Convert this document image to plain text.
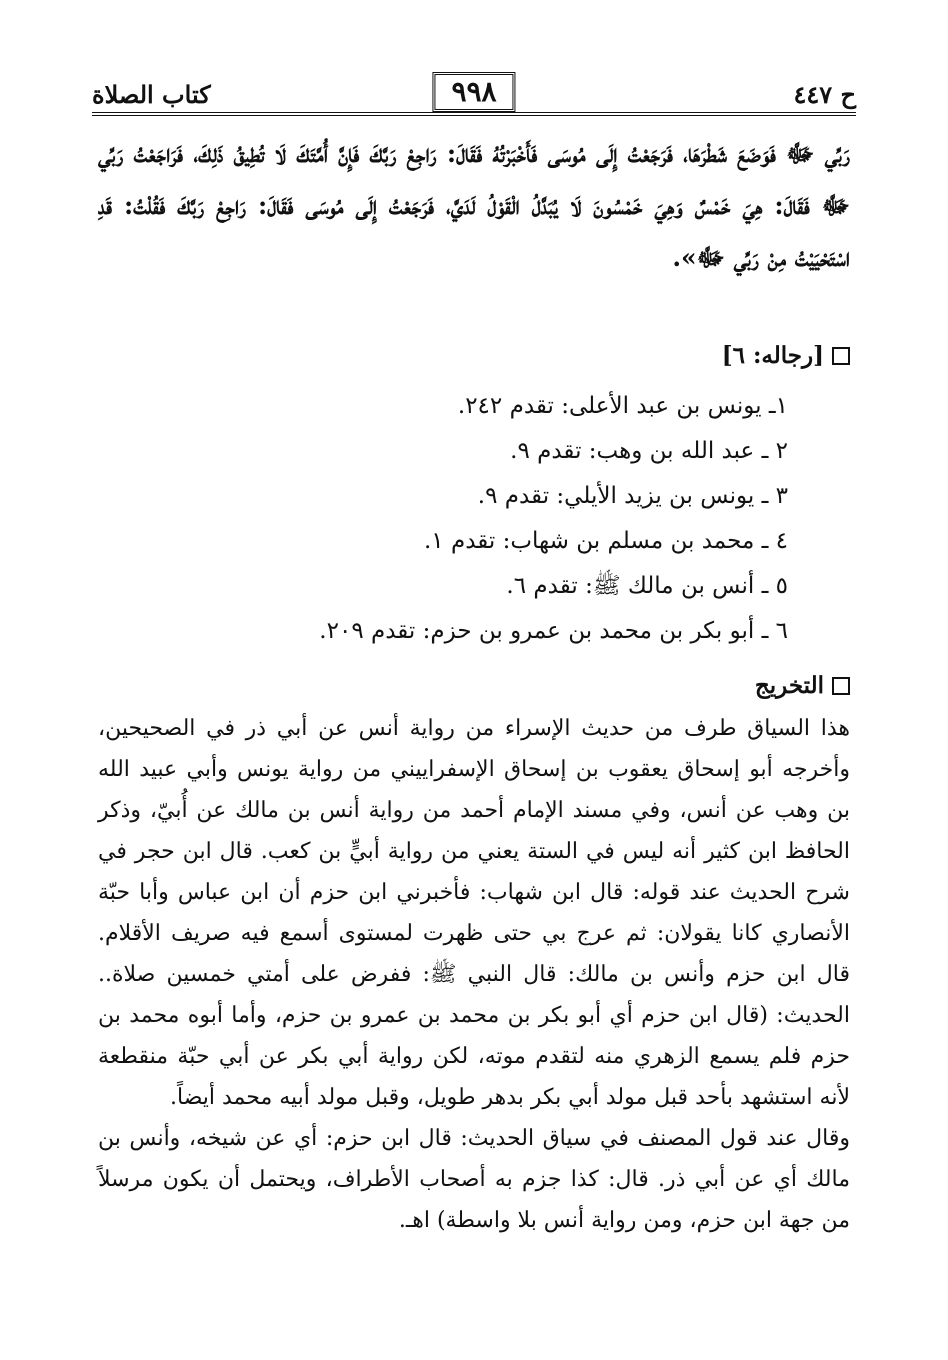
ح ٤٤٧
٩٩٨
كتاب الصلاة
رَبِّي ﷻ فَوَضَعَ شَطْرَهَا، فَرَجَعْتُ إِلَى مُوسَى فَأَخْبَرْتُهُ فَقَالَ: رَاجِعْ رَبَّكَ فَإِنَّ أُمَّتَكَ لَا تُطِيقُ ذَلِكَ، فَرَاجَعْتُ رَبِّي ﷻ فَقَالَ: هِيَ خَمْسٌ وَهِيَ خَمْسُونَ لَا يُبَدَّلُ الْقَوْلُ لَدَيَّ، فَرَجَعْتُ إِلَى مُوسَى فَقَالَ: رَاجِعْ رَبَّكَ فَقُلْتُ: قَدِ اسْتَحْيَيْتُ مِنْ رَبِّي ﷻ».
[رجاله: ٦]
١ـ يونس بن عبد الأعلى: تقدم ٢٤٢.
٢ ـ عبد الله بن وهب: تقدم ٩.
٣ ـ يونس بن يزيد الأيلي: تقدم ٩.
٤ ـ محمد بن مسلم بن شهاب: تقدم ١.
٥ ـ أنس بن مالك ﷺ: تقدم ٦.
٦ ـ أبو بكر بن محمد بن عمرو بن حزم: تقدم ٢٠٩.
التخريج

هذا السياق طرف من حديث الإسراء من رواية أنس عن أبي ذر في الصحيحين، وأخرجه أبو إسحاق يعقوب بن إسحاق الإسفراييني من رواية يونس وأبي عبيد الله بن وهب عن أنس، وفي مسند الإمام أحمد من رواية أنس بن مالك عن أُبيّ، وذكر الحافظ ابن كثير أنه ليس في الستة يعني من رواية أبيٍّ بن كعب. قال ابن حجر في شرح الحديث عند قوله: قال ابن شهاب: فأخبرني ابن حزم أن ابن عباس وأبا حبّة الأنصاري كانا يقولان: ثم عرج بي حتى ظهرت لمستوى أسمع فيه صريف الأقلام. قال ابن حزم وأنس بن مالك: قال النبي ﷺ: ففرض على أمتي خمسين صلاة.. الحديث: (قال ابن حزم أي أبو بكر بن محمد بن عمرو بن حزم، وأما أبوه محمد بن حزم فلم يسمع الزهري منه لتقدم موته، لكن رواية أبي بكر عن أبي حبّة منقطعة لأنه استشهد بأحد قبل مولد أبي بكر بدهر طويل، وقبل مولد أبيه محمد أيضاً.

وقال عند قول المصنف في سياق الحديث: قال ابن حزم: أي عن شيخه، وأنس بن مالك أي عن أبي ذر. قال: كذا جزم به أصحاب الأطراف، ويحتمل أن يكون مرسلاً من جهة ابن حزم، ومن رواية أنس بلا واسطة) اهـ.
